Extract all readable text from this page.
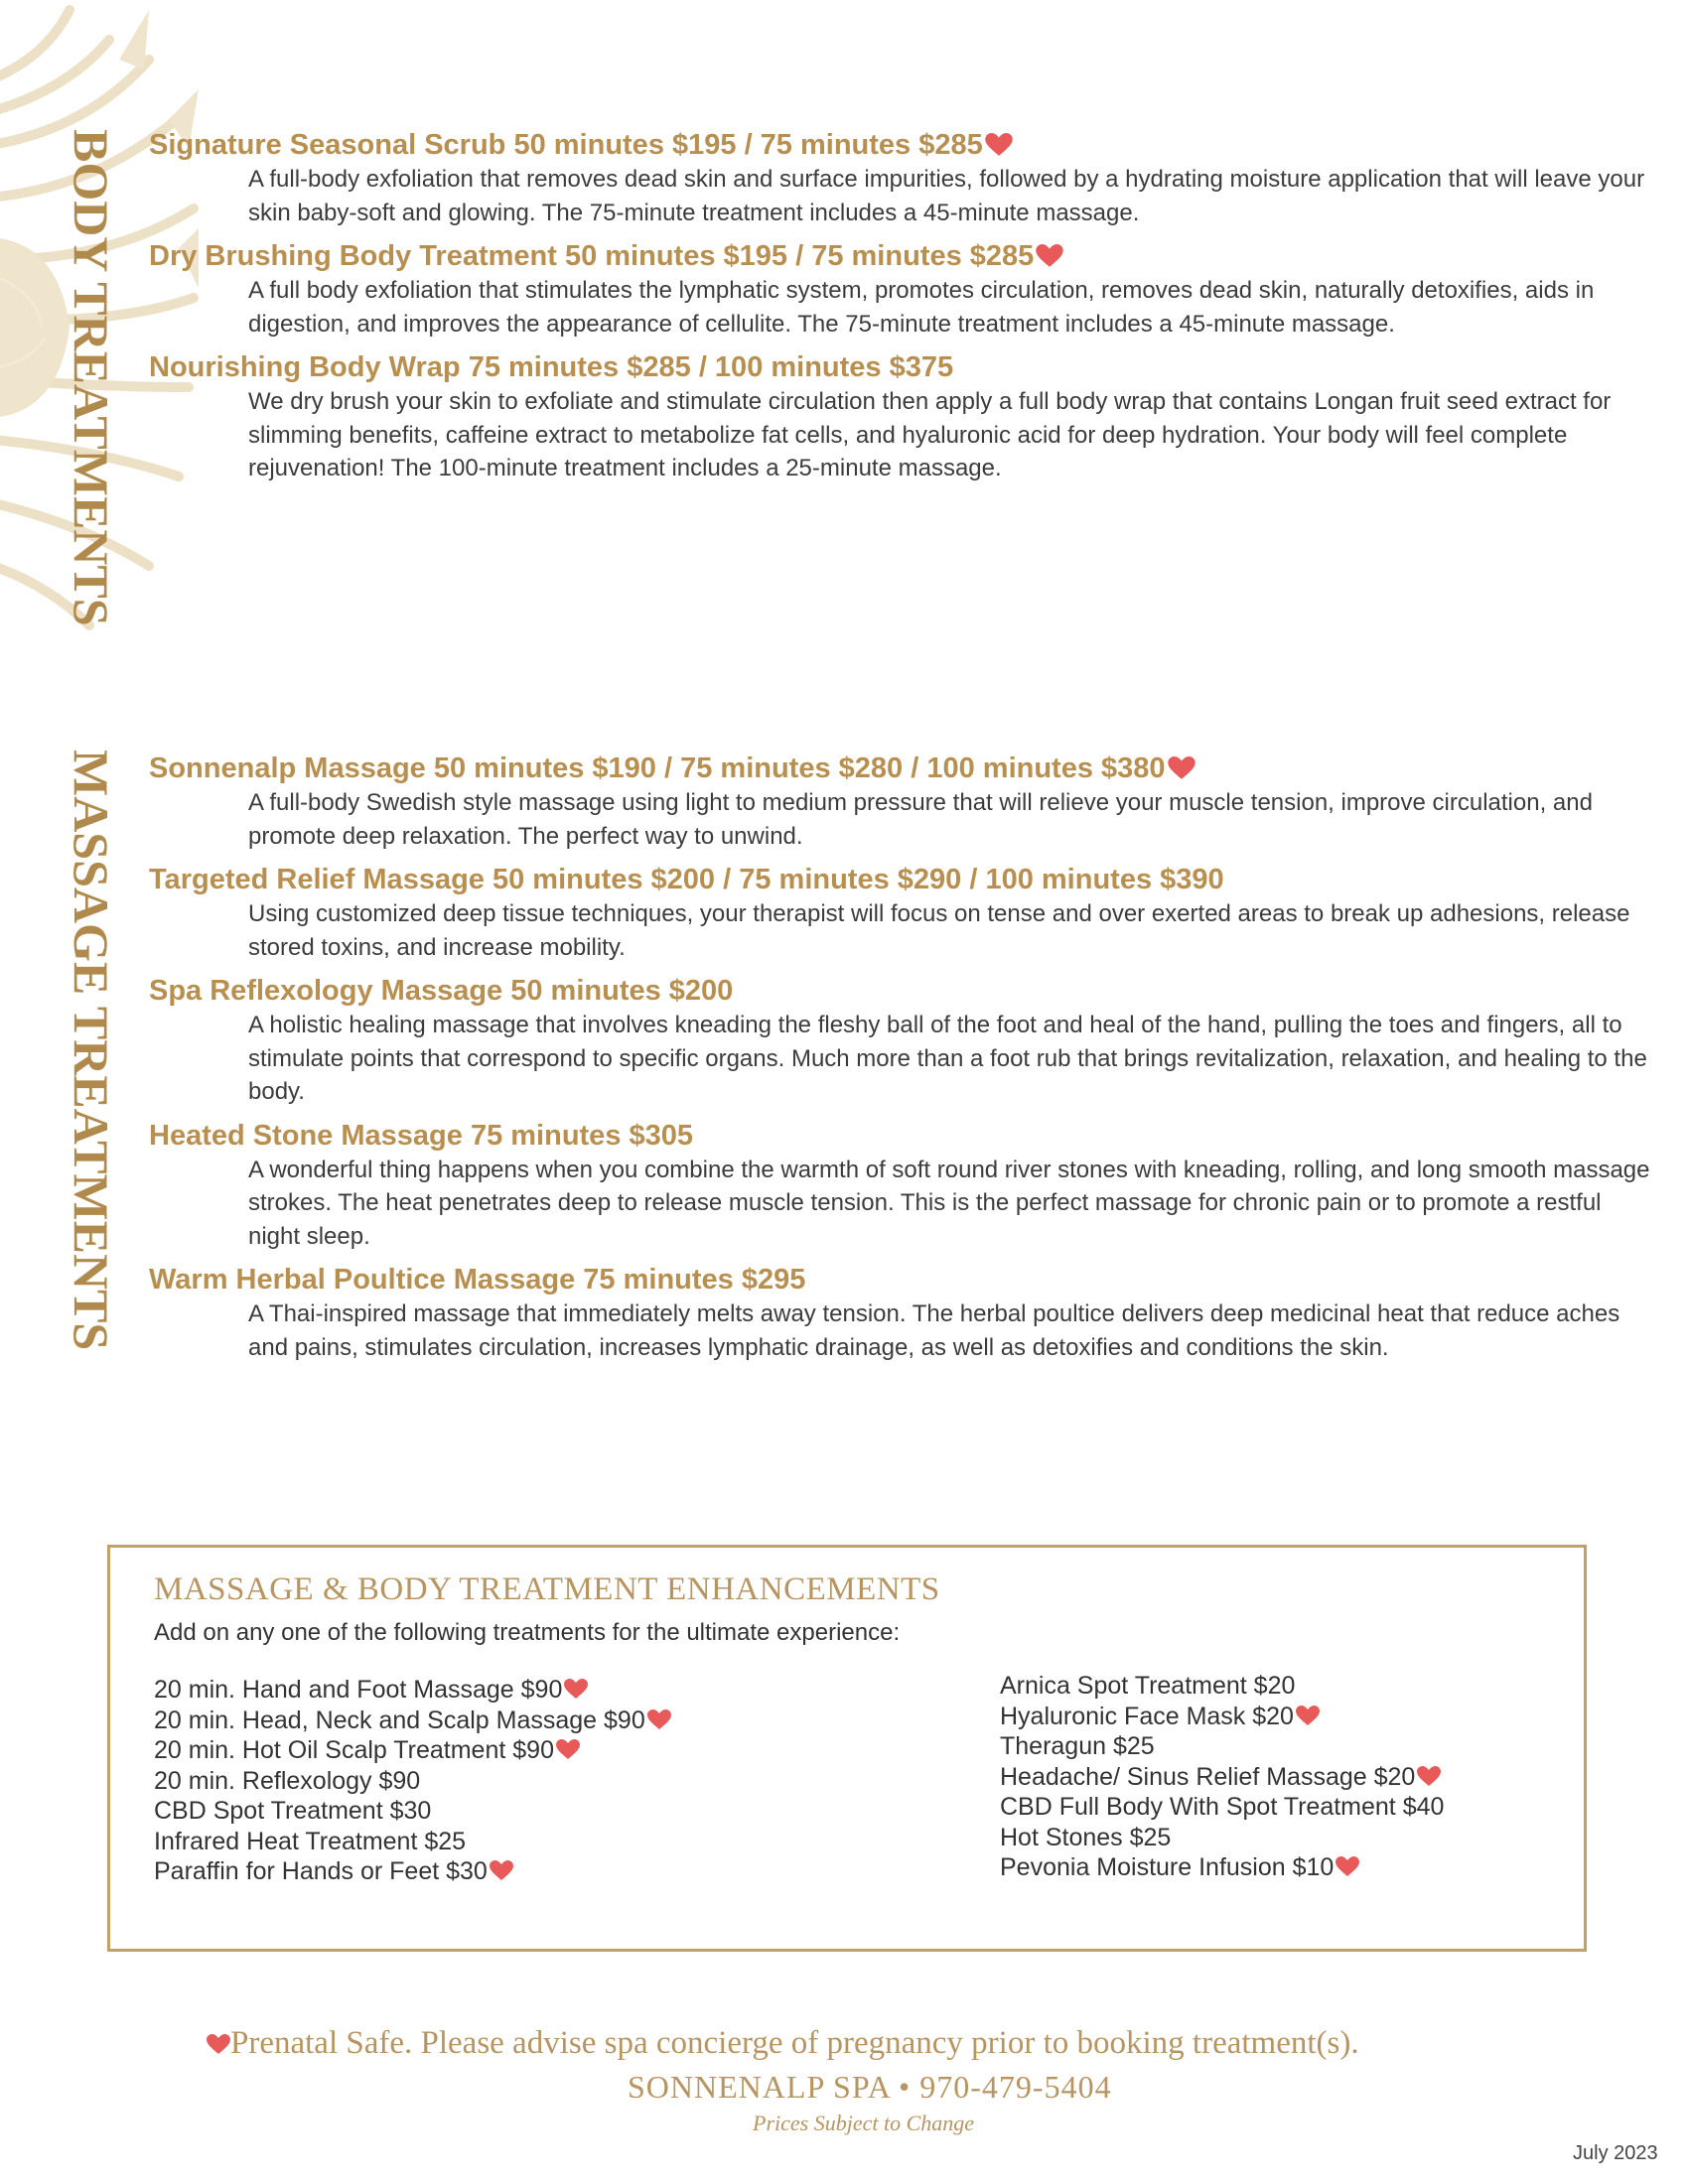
BODY TREATMENTS
MASSAGE TREATMENTS
Signature Seasonal Scrub 50 minutes $195 / 75 minutes $285
A full-body exfoliation that removes dead skin and surface impurities, followed by a hydrating moisture application that will leave your skin baby-soft and glowing. The 75-minute treatment includes a 45-minute massage.
Dry Brushing Body Treatment 50 minutes $195 / 75 minutes $285
A full body exfoliation that stimulates the lymphatic system, promotes circulation, removes dead skin, naturally detoxifies, aids in digestion, and improves the appearance of cellulite. The 75-minute treatment includes a 45-minute massage.
Nourishing Body Wrap 75 minutes $285 / 100 minutes $375
We dry brush your skin to exfoliate and stimulate circulation then apply a full body wrap that contains Longan fruit seed extract for slimming benefits, caffeine extract to metabolize fat cells, and hyaluronic acid for deep hydration. Your body will feel complete rejuvenation! The 100-minute treatment includes a 25-minute massage.
Sonnenalp Massage 50 minutes $190 / 75 minutes $280 / 100 minutes $380
A full-body Swedish style massage using light to medium pressure that will relieve your muscle tension, improve circulation, and promote deep relaxation. The perfect way to unwind.
Targeted Relief Massage 50 minutes $200 / 75 minutes $290 / 100 minutes $390
Using customized deep tissue techniques, your therapist will focus on tense and over exerted areas to break up adhesions, release stored toxins, and increase mobility.
Spa Reflexology Massage 50 minutes $200
A holistic healing massage that involves kneading the fleshy ball of the foot and heal of the hand, pulling the toes and fingers, all to stimulate points that correspond to specific organs. Much more than a foot rub that brings revitalization, relaxation, and healing to the body.
Heated Stone Massage 75 minutes $305
A wonderful thing happens when you combine the warmth of soft round river stones with kneading, rolling, and long smooth massage strokes. The heat penetrates deep to release muscle tension. This is the perfect massage for chronic pain or to promote a restful night sleep.
Warm Herbal Poultice Massage 75 minutes $295
A Thai-inspired massage that immediately melts away tension. The herbal poultice delivers deep medicinal heat that reduce aches and pains, stimulates circulation, increases lymphatic drainage, as well as detoxifies and conditions the skin.
MASSAGE & BODY TREATMENT ENHANCEMENTS
Add on any one of the following treatments for the ultimate experience:
20 min. Hand and Foot Massage $90
20 min. Head, Neck and Scalp Massage $90
20 min. Hot Oil Scalp Treatment $90
20 min. Reflexology $90
CBD Spot Treatment $30
Infrared Heat Treatment $25
Paraffin for Hands or Feet $30
Arnica Spot Treatment $20
Hyaluronic Face Mask $20
Theragun $25
Headache/ Sinus Relief Massage $20
CBD Full Body With Spot Treatment $40
Hot Stones $25
Pevonia Moisture Infusion $10
Prenatal Safe. Please advise spa concierge of pregnancy prior to booking treatment(s).
SONNENALP SPA • 970-479-5404
Prices Subject to Change
July 2023
